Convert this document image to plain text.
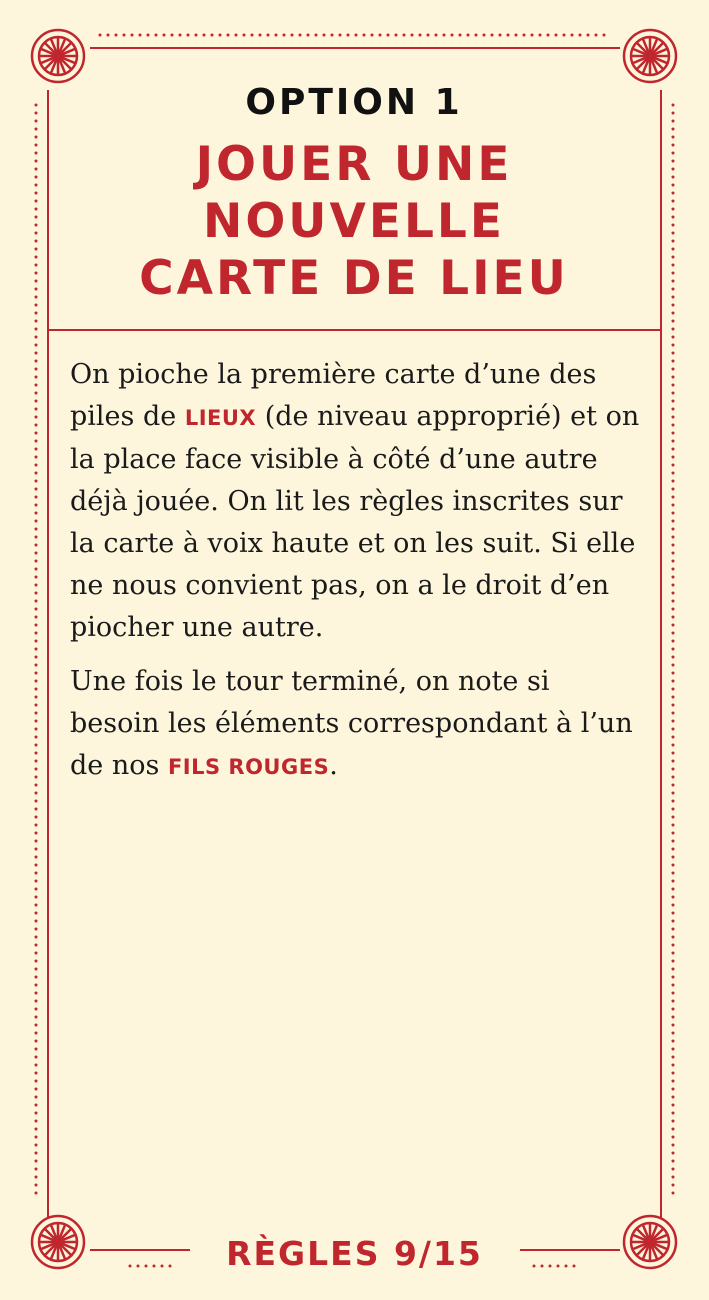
OPTION 1
JOUER UNE
NOUVELLE
CARTE DE LIEU

On pioche la première carte d’une des piles de LIEUX (de niveau approprié) et on la place face visible à côté d’une autre déjà jouée. On lit les règles inscrites sur la carte à voix haute et on les suit. Si elle ne nous convient pas, on a le droit d’en piocher une autre.

Une fois le tour terminé, on note si besoin les éléments correspondant à l’un de nos FILS ROUGES.

RÈGLES 9/15
